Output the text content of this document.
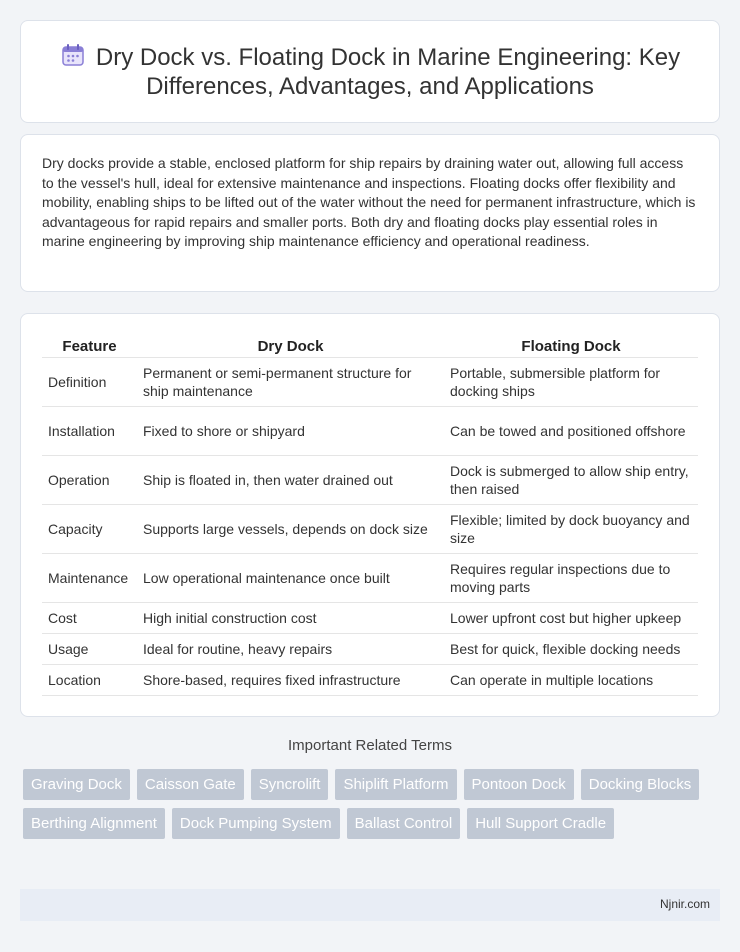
Dry Dock vs. Floating Dock in Marine Engineering: Key Differences, Advantages, and Applications

Dry docks provide a stable, enclosed platform for ship repairs by draining water out, allowing full access to the vessel's hull, ideal for extensive maintenance and inspections. Floating docks offer flexibility and mobility, enabling ships to be lifted out of the water without the need for permanent infrastructure, which is advantageous for rapid repairs and smaller ports. Both dry and floating docks play essential roles in marine engineering by improving ship maintenance efficiency and operational readiness.

Feature	Dry Dock	Floating Dock
Definition	Permanent or semi-permanent structure for ship maintenance	Portable, submersible platform for docking ships
Installation	Fixed to shore or shipyard	Can be towed and positioned offshore
Operation	Ship is floated in, then water drained out	Dock is submerged to allow ship entry, then raised
Capacity	Supports large vessels, depends on dock size	Flexible; limited by dock buoyancy and size
Maintenance	Low operational maintenance once built	Requires regular inspections due to moving parts
Cost	High initial construction cost	Lower upfront cost but higher upkeep
Usage	Ideal for routine, heavy repairs	Best for quick, flexible docking needs
Location	Shore-based, requires fixed infrastructure	Can operate in multiple locations
Important Related Terms
Graving Dock	Caisson Gate	Syncrolift	Shiplift Platform	Pontoon Dock	Docking Blocks
Berthing Alignment	Dock Pumping System	Ballast Control	Hull Support Cradle
Njnir.com
